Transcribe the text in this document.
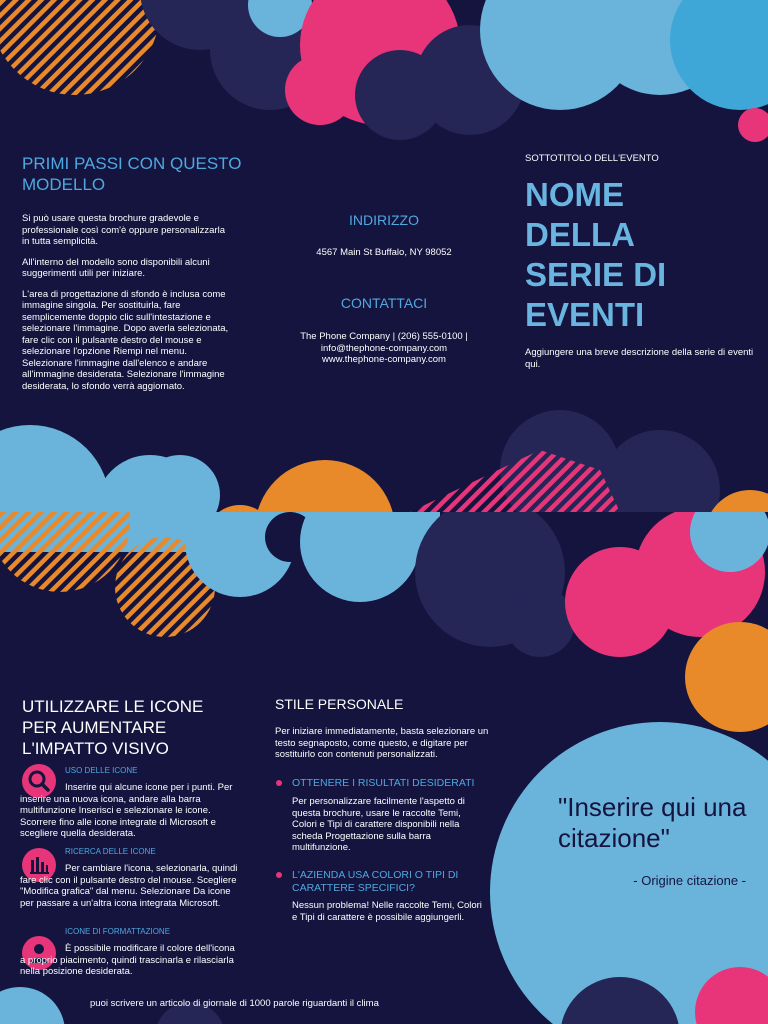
PRIMI PASSI CON QUESTO MODELLO

Si può usare questa brochure gradevole e professionale così com'è oppure personalizzarla in tutta semplicità.

All'interno del modello sono disponibili alcuni suggerimenti utili per iniziare.

L'area di progettazione di sfondo è inclusa come immagine singola. Per sostituirla, fare semplicemente doppio clic sull'intestazione e selezionare l'immagine. Dopo averla selezionata, fare clic con il pulsante destro del mouse e selezionare l'opzione Riempi nel menu. Selezionare l'immagine dall'elenco e andare all'immagine desiderata. Selezionare l'immagine desiderata, lo sfondo verrà aggiornato.

INDIRIZZO
4567 Main St Buffalo, NY 98052
CONTATTACI

The Phone Company | (206) 555-0100 |

info@thephone-company.com

www.thephone-company.com

SOTTOTITOLO DELL'EVENTO
NOME
DELLA
SERIE DI
EVENTI
Aggiungere una breve descrizione della serie di eventi qui.
UTILIZZARE LE ICONE PER AUMENTARE L'IMPATTO VISIVO
USO DELLE ICONE
Inserire qui alcune icone per i punti. Per inserire una nuova icona, andare alla barra multifunzione Inserisci e selezionare le icone. Scorrere fino alle icone integrate di Microsoft e scegliere quella desiderata.
RICERCA DELLE ICONE
Per cambiare l'icona, selezionarla, quindi fare clic con il pulsante destro del mouse. Scegliere "Modifica grafica" dal menu. Selezionare Da icone per passare a un'altra icona integrata Microsoft.
ICONE DI FORMATTAZIONE
È possibile modificare il colore dell'icona a proprio piacimento, quindi trascinarla e rilasciarla nella posizione desiderata.
STILE PERSONALE
Per iniziare immediatamente, basta selezionare un testo segnaposto, come questo, e digitare per sostituirlo con contenuti personalizzati.
OTTENERE I RISULTATI DESIDERATI
Per personalizzare facilmente l'aspetto di questa brochure, usare le raccolte Temi, Colori e Tipi di carattere disponibili nella scheda Progettazione sulla barra multifunzione.
L'AZIENDA USA COLORI O TIPI DI CARATTERE SPECIFICI?
Nessun problema! Nelle raccolte Temi, Colori e Tipi di carattere è possibile aggiungerli.
"Inserire qui una citazione"
- Origine citazione -
puoi scrivere un articolo di giornale di 1000 parole riguardanti il clima
